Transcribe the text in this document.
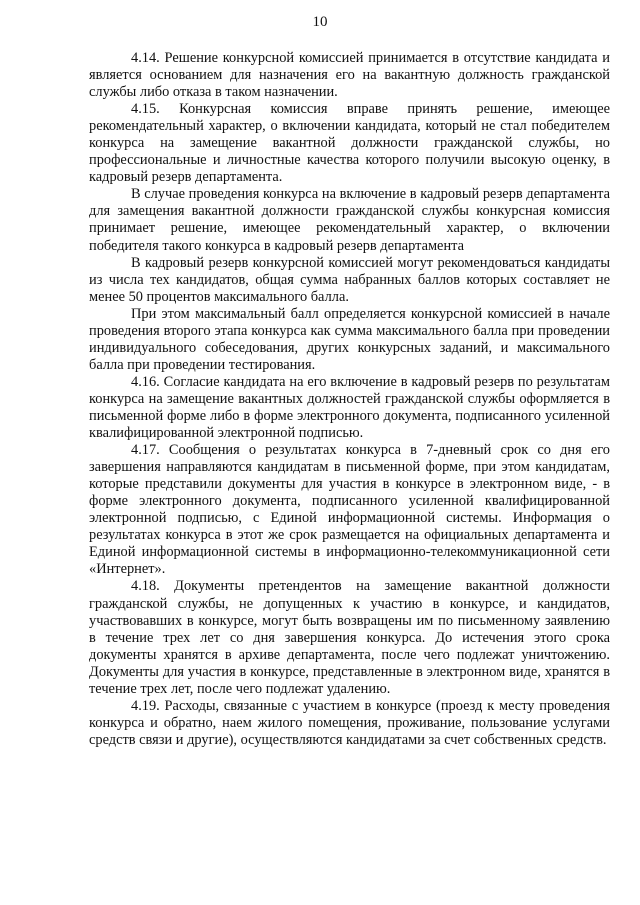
10

4.14. Решение конкурсной комиссией принимается в отсутствие кандидата и является основанием для назначения его на вакантную должность гражданской службы либо отказа в таком назначении.

4.15. Конкурсная комиссия вправе принять решение, имеющее рекомендательный характер, о включении кандидата, который не стал победителем конкурса на замещение вакантной должности гражданской службы, но профессиональные и личностные качества которого получили высокую оценку, в кадровый резерв департамента.

В случае проведения конкурса на включение в кадровый резерв департамента для замещения вакантной должности гражданской службы конкурсная комиссия принимает решение, имеющее рекомендательный характер, о включении победителя такого конкурса в кадровый резерв департамента

В кадровый резерв конкурсной комиссией могут рекомендоваться кандидаты из числа тех кандидатов, общая сумма набранных баллов которых составляет не менее 50 процентов максимального балла.

При этом максимальный балл определяется конкурсной комиссией в начале проведения второго этапа конкурса как сумма максимального балла при проведении индивидуального собеседования, других конкурсных заданий, и максимального балла при проведении тестирования.

4.16. Согласие кандидата на его включение в кадровый резерв по результатам конкурса на замещение вакантных должностей гражданской службы оформляется в письменной форме либо в форме электронного документа, подписанного усиленной квалифицированной электронной подписью.

4.17. Сообщения о результатах конкурса в 7-дневный срок со дня его завершения направляются кандидатам в письменной форме, при этом кандидатам, которые представили документы для участия в конкурсе в электронном виде, - в форме электронного документа, подписанного усиленной квалифицированной электронной подписью, с Единой информационной системы. Информация о результатах конкурса в этот же срок размещается на официальных департамента и Единой информационной системы в информационно-телекоммуникационной сети «Интернет».

4.18. Документы претендентов на замещение вакантной должности гражданской службы, не допущенных к участию в конкурсе, и кандидатов, участвовавших в конкурсе, могут быть возвращены им по письменному заявлению в течение трех лет со дня завершения конкурса. До истечения этого срока документы хранятся в архиве департамента, после чего подлежат уничтожению. Документы для участия в конкурсе, представленные в электронном виде, хранятся в течение трех лет, после чего подлежат удалению.

4.19. Расходы, связанные с участием в конкурсе (проезд к месту проведения конкурса и обратно, наем жилого помещения, проживание, пользование услугами средств связи и другие), осуществляются кандидатами за счет собственных средств.
